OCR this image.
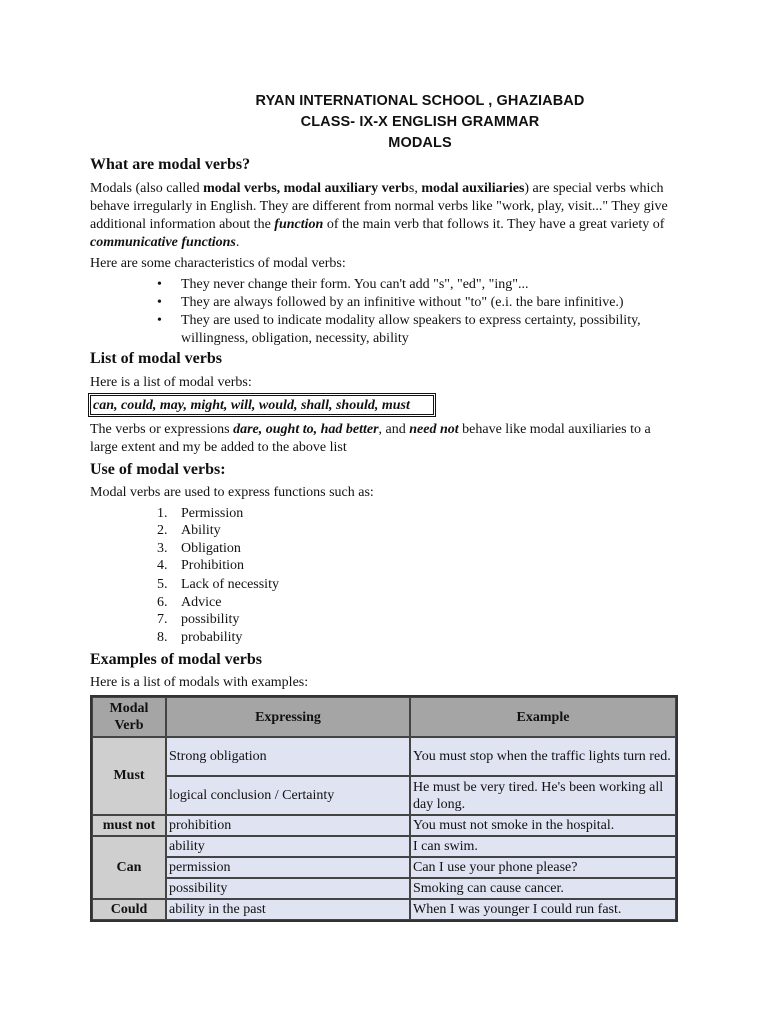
RYAN INTERNATIONAL SCHOOL , GHAZIABAD
CLASS- IX-X ENGLISH GRAMMAR
MODALS
What are modal verbs?

Modals (also called modal verbs, modal auxiliary verbs, modal auxiliaries) are special verbs which behave irregularly in English. They are different from normal verbs like "work, play, visit..." They give additional information about the function of the main verb that follows it. They have a great variety of communicative functions.

Here are some characteristics of modal verbs:

• They never change their form. You can't add "s", "ed", "ing"...
• They are always followed by an infinitive without "to" (e.i. the bare infinitive.)
• They are used to indicate modality allow speakers to express certainty, possibility, willingness, obligation, necessity, ability
List of modal verbs

Here is a list of modal verbs:

can, could, may, might, will, would, shall, should, must

The verbs or expressions dare, ought to, had better, and need not behave like modal auxiliaries to a large extent and my be added to the above list

Use of modal verbs:

Modal verbs are used to express functions such as:

1. Permission
2. Ability
3. Obligation
4. Prohibition
5. Lack of necessity
6. Advice
7. possibility
8. probability
Examples of modal verbs

Here is a list of modals with examples:

Modal Verb	Expressing	Example
Must	Strong obligation	You must stop when the traffic lights turn red.
	logical conclusion / Certainty	He must be very tired. He's been working all day long.
must not	prohibition	You must not smoke in the hospital.
Can	ability	I can swim.
	permission	Can I use your phone please?
	possibility	Smoking can cause cancer.
Could	ability in the past	When I was younger I could run fast.
